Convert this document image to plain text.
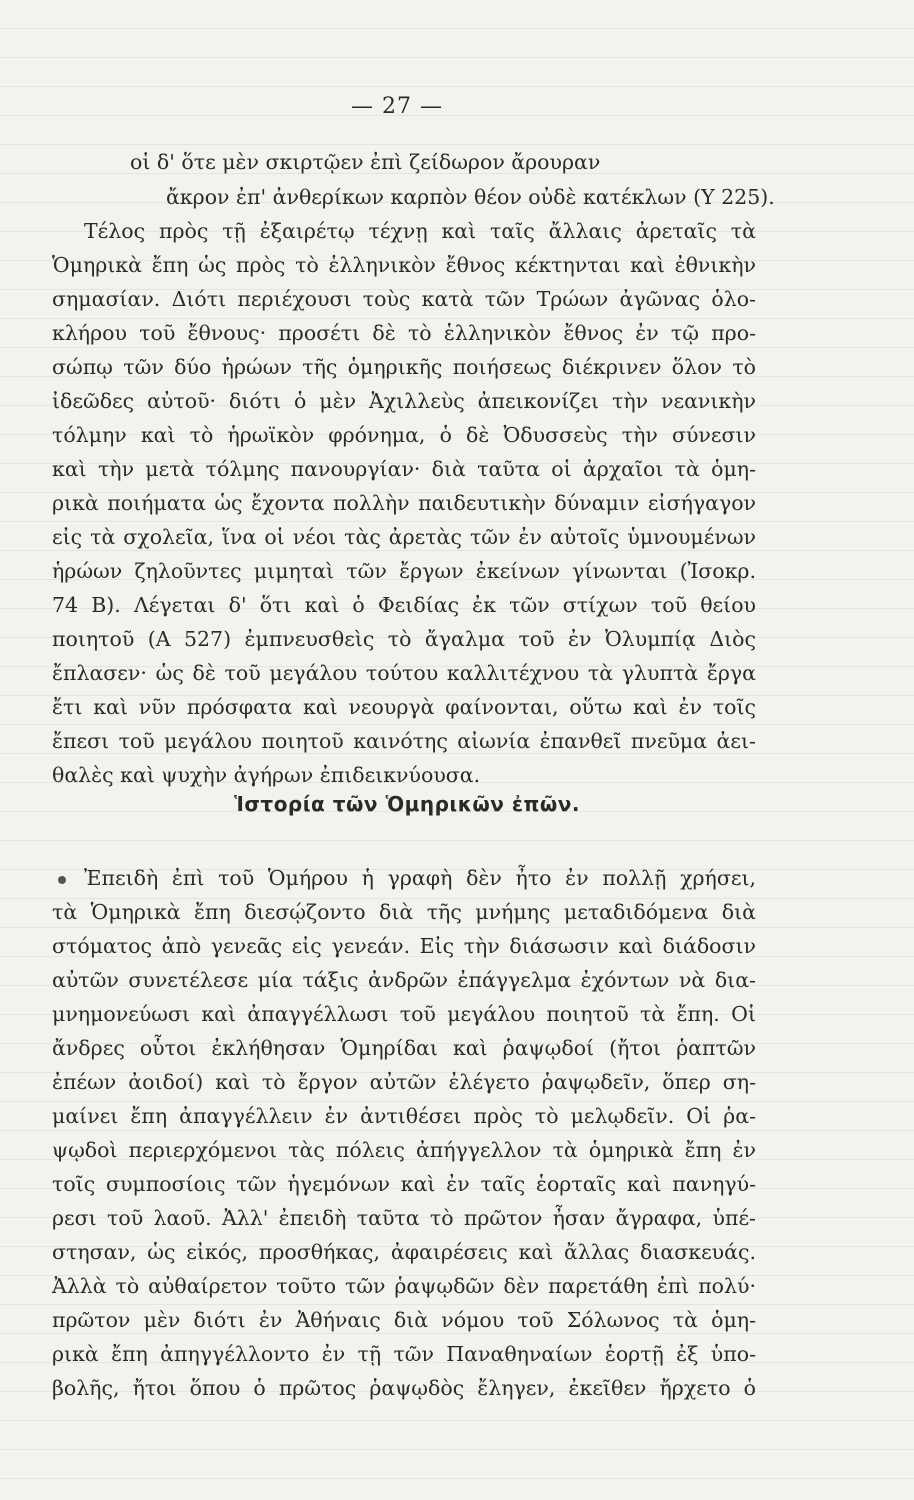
— 27 —
οἱ δ' ὅτε μὲν σκιρτῷεν ἐπὶ ζείδωρον ἄρουραν
ἄκρον ἐπ' ἀνθερίκων καρπὸν θέον οὐδὲ κατέκλων (Υ 225).
Τέλος πρὸς τῇ ἐξαιρέτῳ τέχνῃ καὶ ταῖς ἄλλαις ἀρεταῖς τὰ
Ὁμηρικὰ ἔπη ὡς πρὸς τὸ ἑλληνικὸν ἔθνος κέκτηνται καὶ ἐθνικὴν
σημασίαν. Διότι περιέχουσι τοὺς κατὰ τῶν Τρώων ἀγῶνας ὁλο-
κλήρου τοῦ ἔθνους· προσέτι δὲ τὸ ἑλληνικὸν ἔθνος ἐν τῷ προ-
σώπῳ τῶν δύο ἡρώων τῆς ὁμηρικῆς ποιήσεως διέκρινεν ὅλον τὸ
ἰδεῶδες αὐτοῦ· διότι ὁ μὲν Ἀχιλλεὺς ἀπεικονίζει τὴν νεανικὴν
τόλμην καὶ τὸ ἡρωϊκὸν φρόνημα, ὁ δὲ Ὀδυσσεὺς τὴν σύνεσιν
καὶ τὴν μετὰ τόλμης πανουργίαν· διὰ ταῦτα οἱ ἀρχαῖοι τὰ ὁμη-
ρικὰ ποιήματα ὡς ἔχοντα πολλὴν παιδευτικὴν δύναμιν εἰσήγαγον
εἰς τὰ σχολεῖα, ἵνα οἱ νέοι τὰς ἀρετὰς τῶν ἐν αὐτοῖς ὑμνουμένων
ἡρώων ζηλοῦντες μιμηταὶ τῶν ἔργων ἐκείνων γίνωνται (Ἰσοκρ.
74 Β). Λέγεται δ' ὅτι καὶ ὁ Φειδίας ἐκ τῶν στίχων τοῦ θείου
ποιητοῦ (Α 527) ἐμπνευσθεὶς τὸ ἄγαλμα τοῦ ἐν Ὀλυμπίᾳ Διὸς
ἔπλασεν· ὡς δὲ τοῦ μεγάλου τούτου καλλιτέχνου τὰ γλυπτὰ ἔργα
ἔτι καὶ νῦν πρόσφατα καὶ νεουργὰ φαίνονται, οὕτω καὶ ἐν τοῖς
ἔπεσι τοῦ μεγάλου ποιητοῦ καινότης αἰωνία ἐπανθεῖ πνεῦμα ἀει-
θαλὲς καὶ ψυχὴν ἀγήρων ἐπιδεικνύουσα.
Ἱστορία τῶν Ὁμηρικῶν ἐπῶν.
Ἐπειδὴ ἐπὶ τοῦ Ὁμήρου ἡ γραφὴ δὲν ἦτο ἐν πολλῇ χρήσει,
τὰ Ὁμηρικὰ ἔπη διεσῴζοντο διὰ τῆς μνήμης μεταδιδόμενα διὰ
στόματος ἀπὸ γενεᾶς εἰς γενεάν. Εἰς τὴν διάσωσιν καὶ διάδοσιν
αὐτῶν συνετέλεσε μία τάξις ἀνδρῶν ἐπάγγελμα ἐχόντων νὰ δια-
μνημονεύωσι καὶ ἀπαγγέλλωσι τοῦ μεγάλου ποιητοῦ τὰ ἔπη. Οἱ
ἄνδρες οὗτοι ἐκλήθησαν Ὁμηρίδαι καὶ ῥαψῳδοί (ἤτοι ῥαπτῶν
ἐπέων ἀοιδοί) καὶ τὸ ἔργον αὐτῶν ἐλέγετο ῥαψῳδεῖν, ὅπερ ση-
μαίνει ἔπη ἀπαγγέλλειν ἐν ἀντιθέσει πρὸς τὸ μελῳδεῖν. Οἱ ῥα-
ψῳδοὶ περιερχόμενοι τὰς πόλεις ἀπήγγελλον τὰ ὁμηρικὰ ἔπη ἐν
τοῖς συμποσίοις τῶν ἡγεμόνων καὶ ἐν ταῖς ἑορταῖς καὶ πανηγύ-
ρεσι τοῦ λαοῦ. Ἀλλ' ἐπειδὴ ταῦτα τὸ πρῶτον ἦσαν ἄγραφα, ὑπέ-
στησαν, ὡς εἰκός, προσθήκας, ἀφαιρέσεις καὶ ἄλλας διασκευάς.
Ἀλλὰ τὸ αὐθαίρετον τοῦτο τῶν ῥαψῳδῶν δὲν παρετάθη ἐπὶ πολύ·
πρῶτον μὲν διότι ἐν Ἀθήναις διὰ νόμου τοῦ Σόλωνος τὰ ὁμη-
ρικὰ ἔπη ἀπηγγέλλοντο ἐν τῇ τῶν Παναθηναίων ἑορτῇ ἐξ ὑπο-
βολῆς, ἤτοι ὅπου ὁ πρῶτος ῥαψῳδὸς ἔληγεν, ἐκεῖθεν ἤρχετο ὁ
